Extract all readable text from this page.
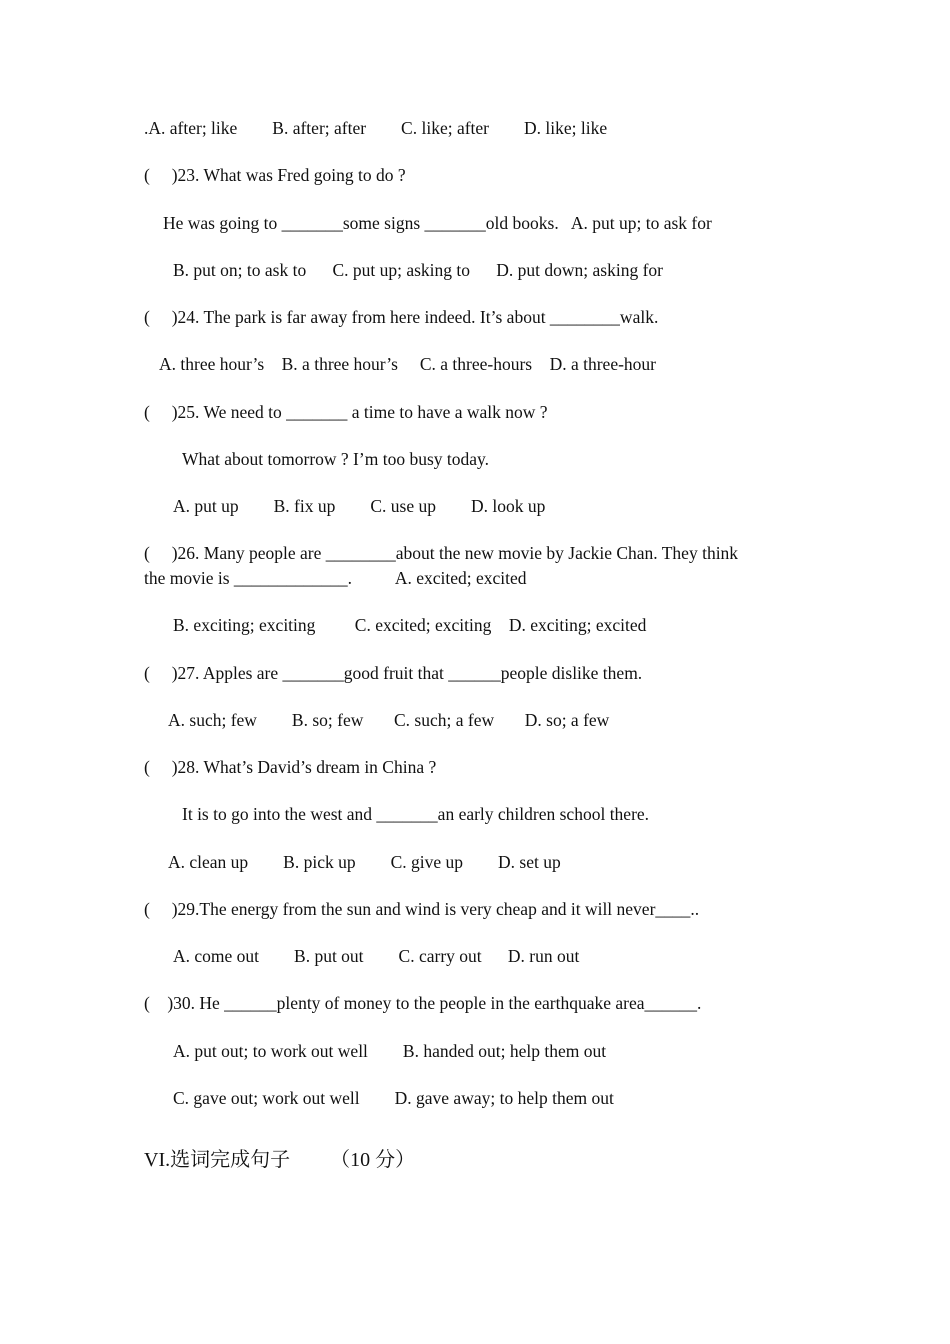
.A. after; like        B. after; after        C. like; after        D. like; like
(     )23. What was Fred going to do ?
He was going to _______some signs _______old books.   A. put up; to ask for
B. put on; to ask to      C. put up; asking to      D. put down; asking for
(     )24. The park is far away from here indeed. It’s about ________walk.
A. three hour’s    B. a three hour’s     C. a three-hours    D. a three-hour
(     )25. We need to _______ a time to have a walk now ?
What about tomorrow ? I’m too busy today.
A. put up        B. fix up        C. use up        D. look up
(     )26. Many people are ________about the new movie by Jackie Chan. They think
the movie is _____________.          A. excited; excited
B. exciting; exciting         C. excited; exciting    D. exciting; excited
(     )27. Apples are _______good fruit that ______people dislike them.
A. such; few        B. so; few       C. such; a few       D. so; a few
(     )28. What’s David’s dream in China ?
It is to go into the west and _______an early children school there.
A. clean up        B. pick up        C. give up        D. set up
(     )29.The energy from the sun and wind is very cheap and it will never____..
A. come out        B. put out        C. carry out      D. run out
(    )30. He ______plenty of money to the people in the earthquake area______.
A. put out; to work out well        B. handed out; help them out
C. gave out; work out well        D. gave away; to help them out
VI.选词完成句子        （10 分）
